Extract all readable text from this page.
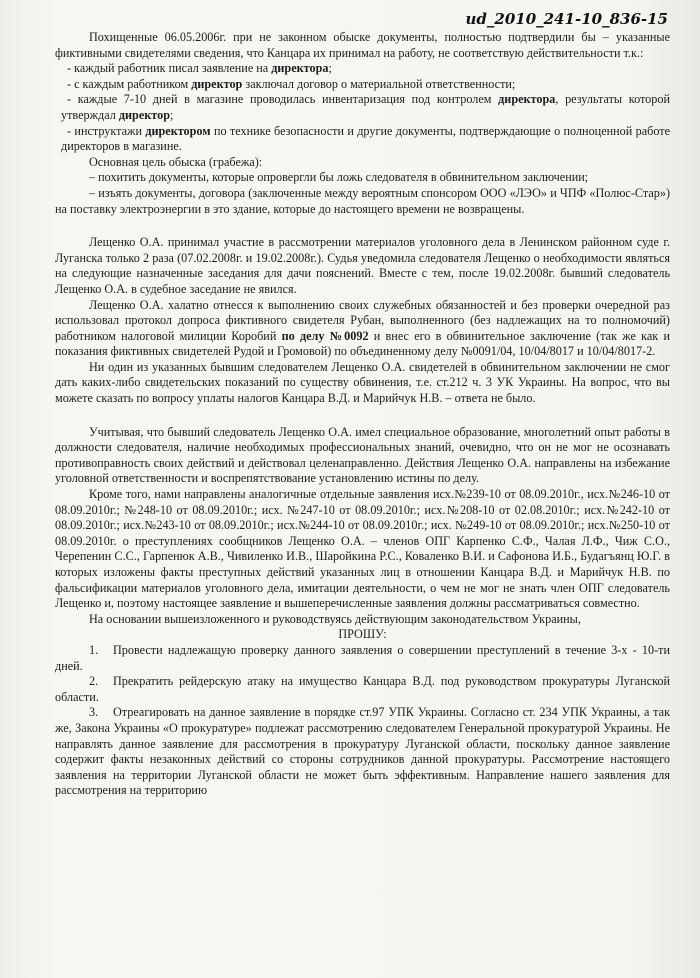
ud_2010_241-10_836-15

Похищенные 06.05.2006г. при не законном обыске документы, полностью подтвердили бы – указанные фиктивными свидетелями сведения, что Канцара их принимал на работу, не соответствую действительности т.к.:

- каждый работник писал заявление на директора;

- с каждым работником директор заключал договор о материальной ответственности;

- каждые 7-10 дней в магазине проводилась инвентаризация под контролем директора, результаты которой утверждал директор;

- инструктажи директором по технике безопасности и другие документы, подтверждающие о полноценной работе директоров в магазине.

Основная цель обыска (грабежа):

– похитить документы, которые опровергли бы ложь следователя в обвинительном заключении;

– изъять документы, договора (заключенные между вероятным спонсором ООО «ЛЭО» и ЧПФ «Полюс-Стар») на поставку электроэнергии в это здание, которые до настоящего времени не возвращены.

Лещенко О.А. принимал участие в рассмотрении материалов уголовного дела в Ленинском районном суде г. Луганска только 2 раза (07.02.2008г. и 19.02.2008г.). Судья уведомила следователя Лещенко о необходимости являться на следующие назначенные заседания для дачи пояснений. Вместе с тем, после 19.02.2008г. бывший следователь Лещенко О.А. в судебное заседание не явился.

Лещенко О.А. халатно отнесся к выполнению своих служебных обязанностей и без проверки очередной раз использовал протокол допроса фиктивного свидетеля Рубан, выполненного (без надлежащих на то полномочий) работником налоговой милиции Коробий по делу №0092 и внес его в обвинительное заключение (так же как и показания фиктивных свидетелей Рудой и Громовой) по объединенному делу №0091/04, 10/04/8017 и 10/04/8017-2.

Ни один из указанных бывшим следователем Лещенко О.А. свидетелей в обвинительном заключении не смог дать каких-либо свидетельских показаний по существу обвинения, т.е. ст.212 ч. 3 УК Украины. На вопрос, что вы можете сказать по вопросу уплаты налогов Канцара В.Д. и Марийчук Н.В. – ответа не было.

Учитывая, что бывший следователь Лещенко О.А. имел специальное образование, многолетний опыт работы в должности следователя, наличие необходимых профессиональных знаний, очевидно, что он не мог не осознавать противоправность своих действий и действовал целенаправленно. Действия Лещенко О.А. направлены на избежание уголовной ответственности и воспрепятствование установлению истины по делу.

Кроме того, нами направлены аналогичные отдельные заявления исх.№239-10 от 08.09.2010г., исх.№246-10 от 08.09.2010г.; №248-10 от 08.09.2010г.; исх. №247-10 от 08.09.2010г.; исх.№208-10 от 02.08.2010г.; исх.№242-10 от 08.09.2010г.; исх.№243-10 от 08.09.2010г.; исх.№244-10 от 08.09.2010г.; исх. №249-10 от 08.09.2010г.; исх.№250-10 от 08.09.2010г. о преступлениях сообщников Лещенко О.А. – членов ОПГ Карпенко С.Ф., Чалая Л.Ф., Чиж С.О., Черепенин С.С., Гарпенюк А.В., Чивиленко И.В., Шаройкина Р.С., Коваленко В.И. и Сафонова И.Б., Будагъянц Ю.Г. в которых изложены факты преступных действий указанных лиц в отношении Канцара В.Д. и Марийчук Н.В. по фальсификации материалов уголовного дела, имитации деятельности, о чем не мог не знать член ОПГ следователь Лещенко и, поэтому настоящее заявление и вышеперечисленные заявления должны рассматриваться совместно.

На основании вышеизложенного и руководствуясь действующим законодательством Украины,

ПРОШУ:

1. Провести надлежащую проверку данного заявления о совершении преступлений в течение 3-х - 10-ти дней.

2. Прекратить рейдерскую атаку на имущество Канцара В.Д. под руководством прокуратуры Луганской области.

3. Отреагировать на данное заявление в порядке ст.97 УПК Украины. Согласно ст. 234 УПК Украины, а так же, Закона Украины «О прокуратуре» подлежат рассмотрению следователем Генеральной прокуратурой Украины. Не направлять данное заявление для рассмотрения в прокуратуру Луганской области, поскольку данное заявление содержит факты незаконных действий со стороны сотрудников данной прокуратуры. Рассмотрение настоящего заявления на территории Луганской области не может быть эффективным. Направление нашего заявления для рассмотрения на территорию
